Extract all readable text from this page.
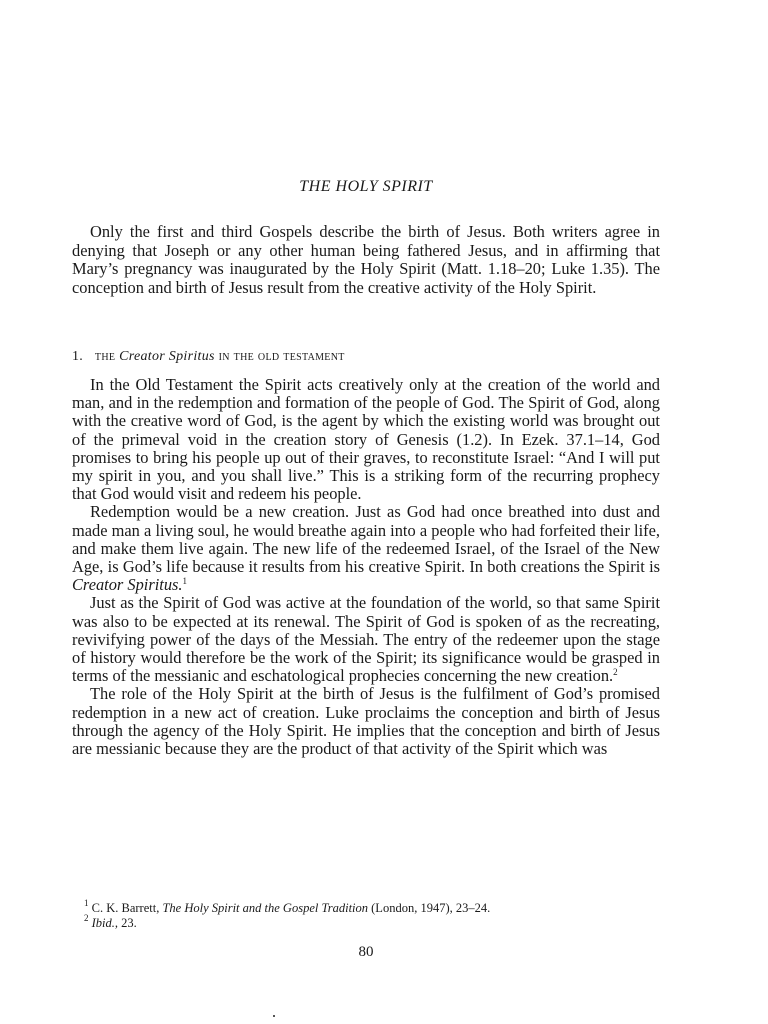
THE HOLY SPIRIT

Only the first and third Gospels describe the birth of Jesus. Both writers agree in denying that Joseph or any other human being fathered Jesus, and in affirming that Mary’s pregnancy was inaugurated by the Holy Spirit (Matt. 1.18–20; Luke 1.35). The conception and birth of Jesus result from the creative activity of the Holy Spirit.

1. the Creator Spiritus in the old testament

In the Old Testament the Spirit acts creatively only at the creation of the world and man, and in the redemption and formation of the people of God. The Spirit of God, along with the creative word of God, is the agent by which the existing world was brought out of the primeval void in the creation story of Genesis (1.2). In Ezek. 37.1–14, God promises to bring his people up out of their graves, to reconstitute Israel: “And I will put my spirit in you, and you shall live.” This is a striking form of the recurring prophecy that God would visit and redeem his people.

Redemption would be a new creation. Just as God had once breathed into dust and made man a living soul, he would breathe again into a people who had forfeited their life, and make them live again. The new life of the redeemed Israel, of the Israel of the New Age, is God’s life because it results from his creative Spirit. In both creations the Spirit is Creator Spiritus.$^1$

Just as the Spirit of God was active at the foundation of the world, so that same Spirit was also to be expected at its renewal. The Spirit of God is spoken of as the recreating, revivifying power of the days of the Messiah. The entry of the redeemer upon the stage of history would therefore be the work of the Spirit; its significance would be grasped in terms of the messianic and eschatological prophecies concerning the new creation.$^2$

The role of the Holy Spirit at the birth of Jesus is the fulfilment of God’s promised redemption in a new act of creation. Luke proclaims the conception and birth of Jesus through the agency of the Holy Spirit. He implies that the conception and birth of Jesus are messianic because they are the product of that activity of the Spirit which was

$^1$ C. K. Barrett, The Holy Spirit and the Gospel Tradition (London, 1947), 23–24.
$^2$ Ibid., 23.
80
